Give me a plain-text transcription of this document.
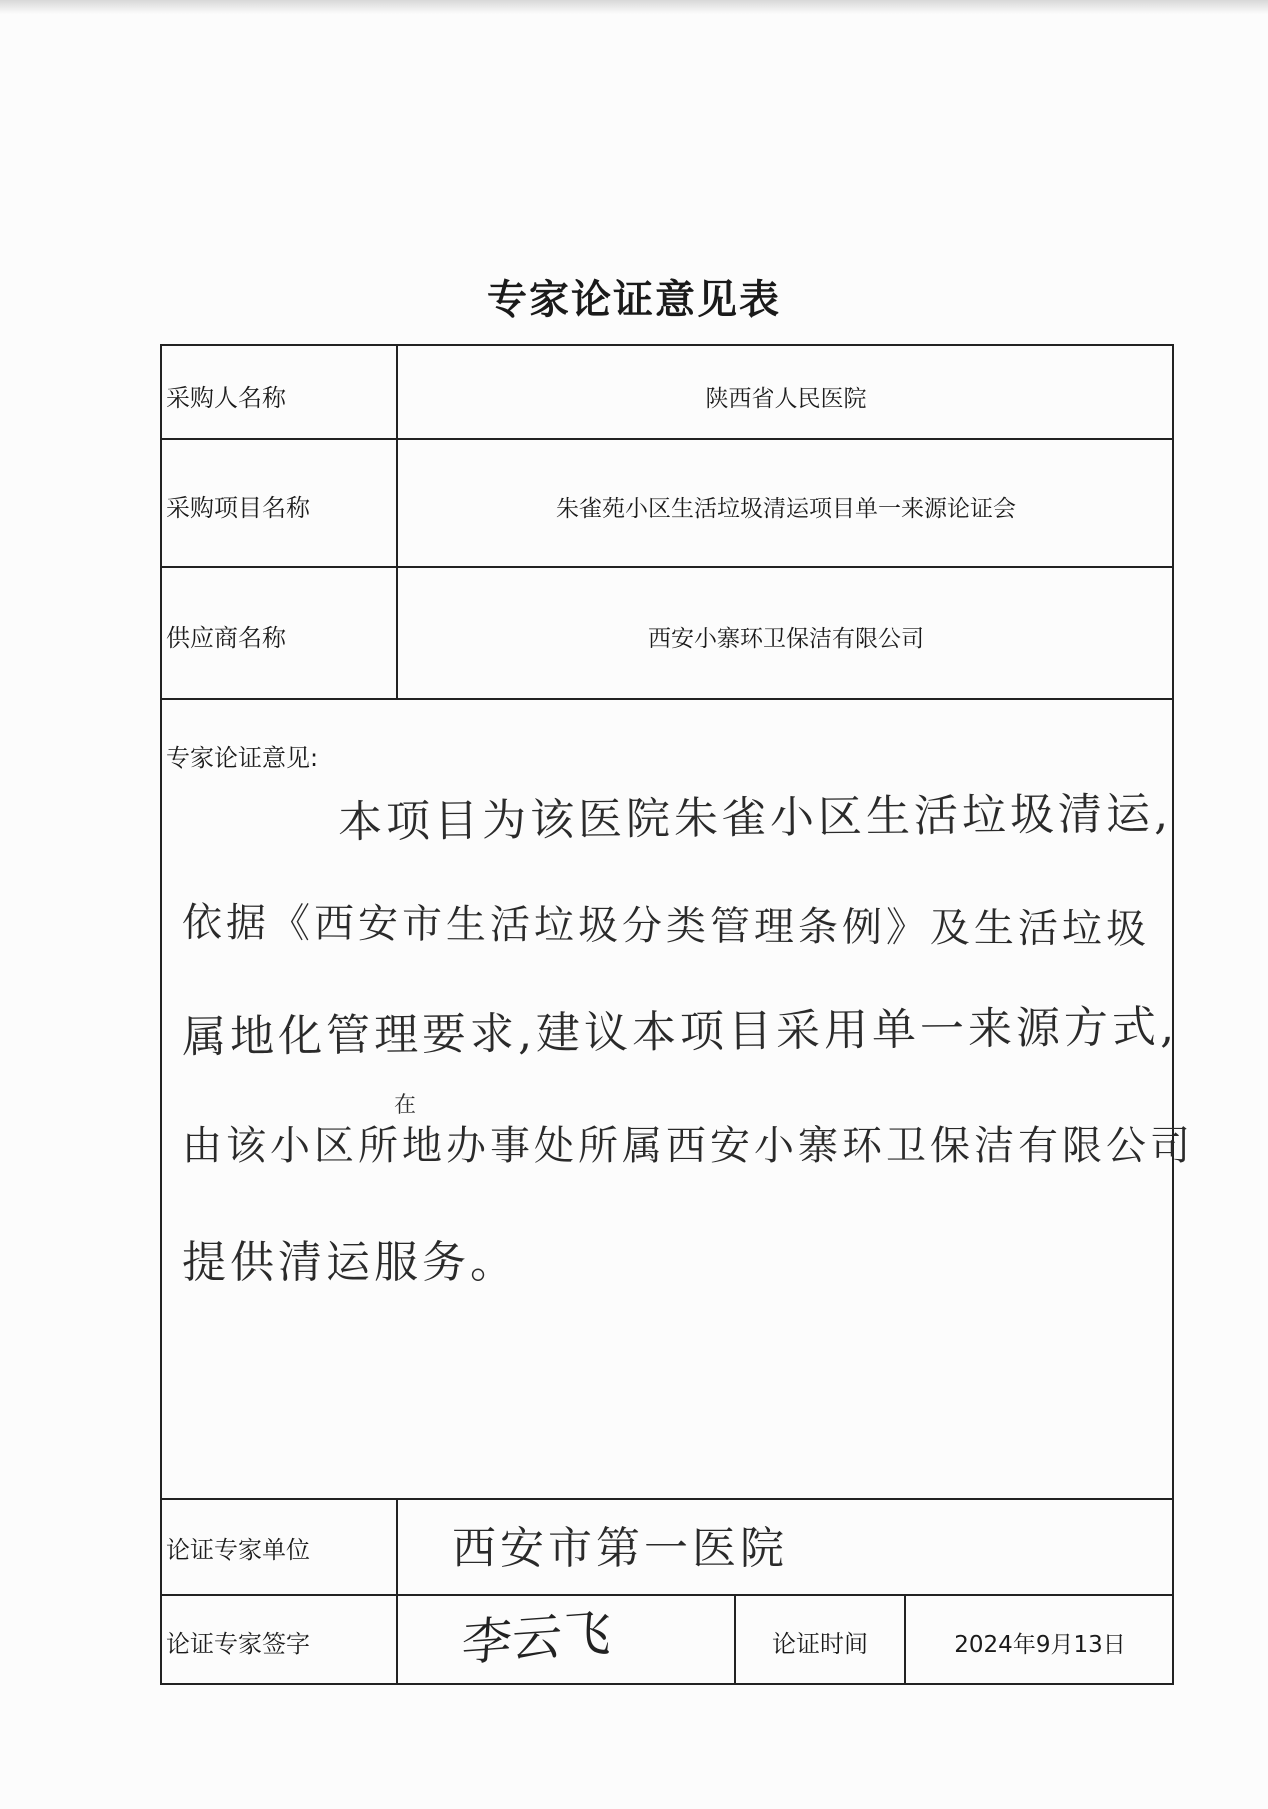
专家论证意见表
采购人名称	陕西省人民医院
采购项目名称	朱雀苑小区生活垃圾清运项目单一来源论证会
供应商名称	西安小寨环卫保洁有限公司
专家论证意见:
本项目为该医院朱雀小区生活垃圾清运,
依据《西安市生活垃圾分类管理条例》及生活垃圾
属地化管理要求,建议本项目采用单一来源方式,
在
由该小区所地办事处所属西安小寨环卫保洁有限公司
提供清运服务。
论证专家单位	西安市第一医院
论证专家签字	李云飞	论证时间	2024年9月13日
